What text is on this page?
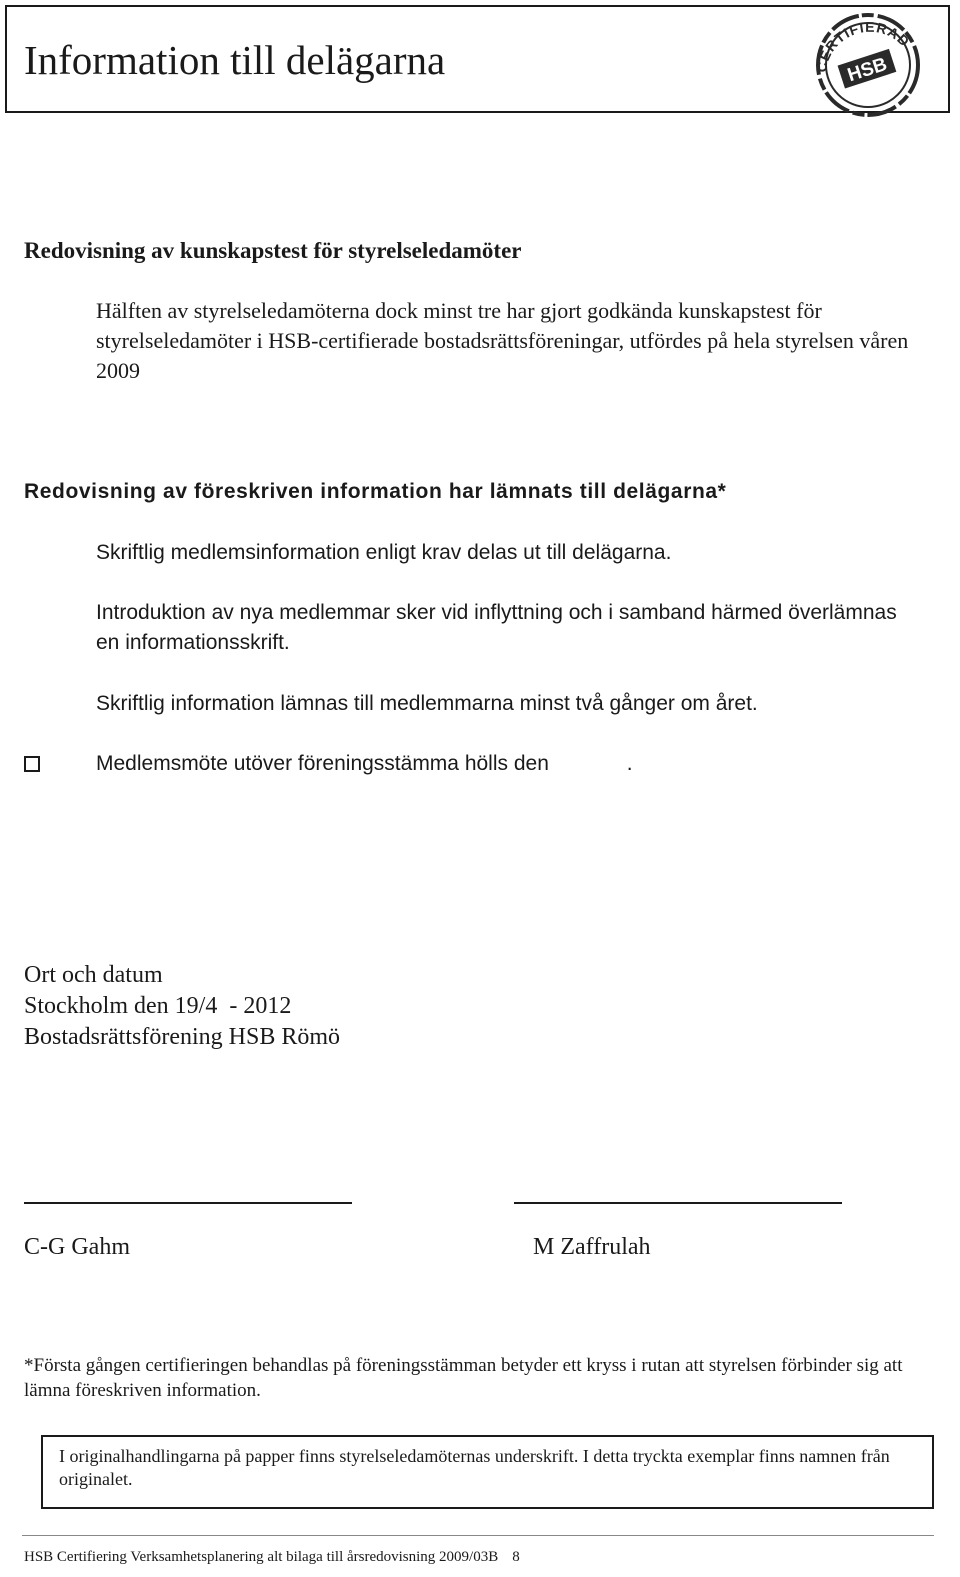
Information till delägarna	CERTIFIERAD
HSB
Redovisning av kunskapstest för styrelseledamöter
Hälften av styrelseledamöterna dock minst tre har gjort godkända kunskapstest för styrelseledamöter i HSB-certifierade bostadsrättsföreningar, utfördes på hela styrelsen våren 2009
Redovisning av föreskriven information har lämnats till delägarna*
Skriftlig medlemsinformation enligt krav delas ut till delägarna.
Introduktion av nya medlemmar sker vid inflyttning och i samband härmed överlämnas en informationsskrift.
Skriftlig information lämnas till medlemmarna minst två gånger om året.
Medlemsmöte utöver föreningsstämma hölls den	.
Ort och datum
Stockholm den 19/4  - 2012
Bostadsrättsförening HSB Römö
C-G Gahm	M Zaffrulah
*Första gången certifieringen behandlas på föreningsstämman betyder ett kryss i rutan att styrelsen förbinder sig att lämna föreskriven information.
I originalhandlingarna på papper finns styrelseledamöternas underskrift. I detta tryckta exemplar finns namnen från originalet.
HSB Certifiering Verksamhetsplanering alt bilaga till årsredovisning 2009/03B 8
